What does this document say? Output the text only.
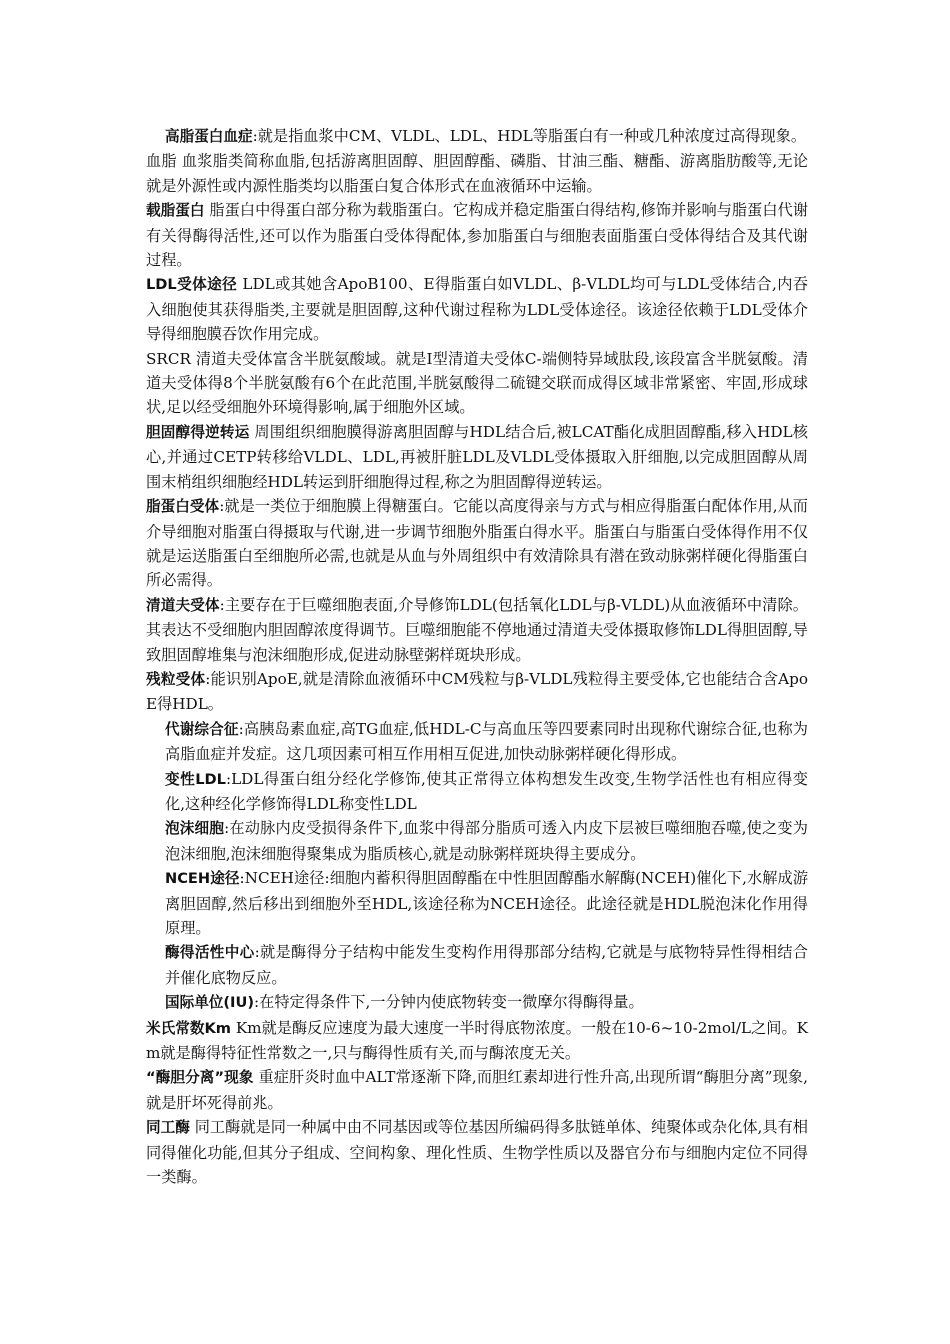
高脂蛋白血症:就是指血浆中CM、VLDL、LDL、HDL等脂蛋白有一种或几种浓度过高得现象。

血脂 血浆脂类简称血脂,包括游离胆固醇、胆固醇酯、磷脂、甘油三酯、糖酯、游离脂肪酸等,无论就是外源性或内源性脂类均以脂蛋白复合体形式在血液循环中运输。

载脂蛋白 脂蛋白中得蛋白部分称为载脂蛋白。它构成并稳定脂蛋白得结构,修饰并影响与脂蛋白代谢有关得酶得活性,还可以作为脂蛋白受体得配体,参加脂蛋白与细胞表面脂蛋白受体得结合及其代谢过程。

LDL受体途径 LDL或其她含ApoB100、E得脂蛋白如VLDL、β-VLDL均可与LDL受体结合,内吞入细胞使其获得脂类,主要就是胆固醇,这种代谢过程称为LDL受体途径。该途径依赖于LDL受体介导得细胞膜吞饮作用完成。

SRCR 清道夫受体富含半胱氨酸域。就是Ⅰ型清道夫受体C-端侧特异域肽段,该段富含半胱氨酸。清道夫受体得8个半胱氨酸有6个在此范围,半胱氨酸得二硫键交联而成得区域非常紧密、牢固,形成球状,足以经受细胞外环境得影响,属于细胞外区域。

胆固醇得逆转运 周围组织细胞膜得游离胆固醇与HDL结合后,被LCAT酯化成胆固醇酯,移入HDL核心,并通过CETP转移给VLDL、LDL,再被肝脏LDL及VLDL受体摄取入肝细胞,以完成胆固醇从周围末梢组织细胞经HDL转运到肝细胞得过程,称之为胆固醇得逆转运。

脂蛋白受体:就是一类位于细胞膜上得糖蛋白。它能以高度得亲与方式与相应得脂蛋白配体作用,从而介导细胞对脂蛋白得摄取与代谢,进一步调节细胞外脂蛋白得水平。脂蛋白与脂蛋白受体得作用不仅就是运送脂蛋白至细胞所必需,也就是从血与外周组织中有效清除具有潜在致动脉粥样硬化得脂蛋白所必需得。

清道夫受体:主要存在于巨噬细胞表面,介导修饰LDL(包括氧化LDL与β-VLDL)从血液循环中清除。其表达不受细胞内胆固醇浓度得调节。巨噬细胞能不停地通过清道夫受体摄取修饰LDL得胆固醇,导致胆固醇堆集与泡沫细胞形成,促进动脉壁粥样斑块形成。

残粒受体:能识别ApoE,就是清除血液循环中CM残粒与β-VLDL残粒得主要受体,它也能结合含ApoE得HDL。

代谢综合征:高胰岛素血症,高TG血症,低HDL-C与高血压等四要素同时出现称代谢综合征,也称为高脂血症并发症。这几项因素可相互作用相互促进,加快动脉粥样硬化得形成。

变性LDL:LDL得蛋白组分经化学修饰,使其正常得立体构想发生改变,生物学活性也有相应得变化,这种经化学修饰得LDL称变性LDL

泡沫细胞:在动脉内皮受损得条件下,血浆中得部分脂质可透入内皮下层被巨噬细胞吞噬,使之变为泡沫细胞,泡沫细胞得聚集成为脂质核心,就是动脉粥样斑块得主要成分。

NCEH途径:NCEH途径:细胞内蓄积得胆固醇酯在中性胆固醇酯水解酶(NCEH)催化下,水解成游离胆固醇,然后移出到细胞外至HDL,该途径称为NCEH途径。此途径就是HDL脱泡沫化作用得原理。

酶得活性中心:就是酶得分子结构中能发生变构作用得那部分结构,它就是与底物特异性得相结合并催化底物反应。

国际单位(IU):在特定得条件下,一分钟内使底物转变一微摩尔得酶得量。

米氏常数Km Km就是酶反应速度为最大速度一半时得底物浓度。一般在10-6~10-2mol/L之间。Km就是酶得特征性常数之一,只与酶得性质有关,而与酶浓度无关。

“酶胆分离”现象 重症肝炎时血中ALT常逐渐下降,而胆红素却进行性升高,出现所谓“酶胆分离”现象,就是肝坏死得前兆。

同工酶 同工酶就是同一种属中由不同基因或等位基因所编码得多肽链单体、纯聚体或杂化体,具有相同得催化功能,但其分子组成、空间构象、理化性质、生物学性质以及器官分布与细胞内定位不同得一类酶。
